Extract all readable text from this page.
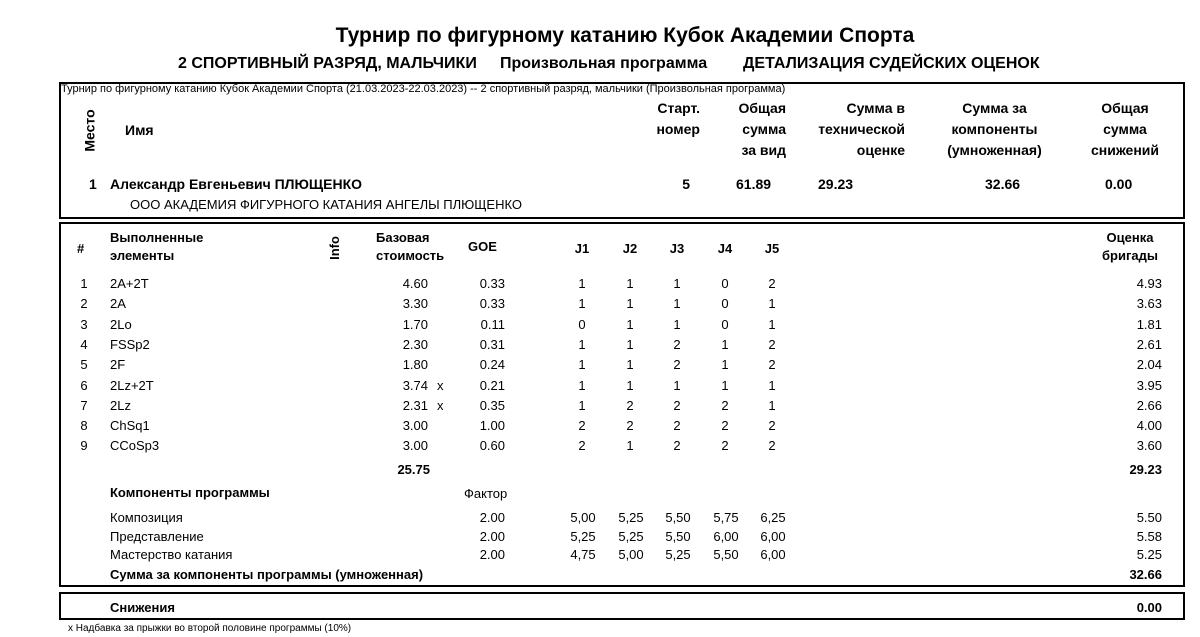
Турнир по фигурному катанию Кубок Академии Спорта
2 СПОРТИВНЫЙ РАЗРЯД, МАЛЬЧИКИ Произвольная программа ДЕТАЛИЗАЦИЯ СУДЕЙСКИХ ОЦЕНОК
Турнир по фигурному катанию Кубок Академии Спорта (21.03.2023-22.03.2023) -- 2 спортивный разряд, мальчики (Произвольная программа)
Место Имя
Старт.
номер
Общая
сумма
за вид
Сумма в
технической
оценке
Сумма за
компоненты
(умноженная)
Общая
сумма
снижений
1 Александр Евгеньевич ПЛЮЩЕНКО
ООО АКАДЕМИЯ ФИГУРНОГО КАТАНИЯ АНГЕЛЫ ПЛЮЩЕНКО
5	61.89	29.23	32.66	0.00
#
Выполненные
элементы	Info	Базовая
стоимость
GOE	J1	J2	J3	J4	J5
Оценка
бригады
1 2A+2T	4.60	0.33	1	1	1	0	2	4.93
2 2A	3.30	0.33	1	1	1	0	1	3.63
3 2Lo	1.70	0.11	0	1	1	0	1	1.81
4 FSSp2	2.30	0.31	1	1	2	1	2	2.61
5 2F	1.80	0.24	1	1	2	1	2	2.04
6 2Lz+2T	3.74 x	0.21	1	1	1	1	1	3.95
7 2Lz	2.31 x	0.35	1	2	2	2	1	2.66
8 ChSq1	3.00	1.00	2	2	2	2	2	4.00
9 CCoSp3	3.00	0.60	2	1	2	2	2	3.60
25.75	29.23
Компоненты программы	Фактор
Композиция	2.00	5,00	5,25	5,50	5,75	6,25	5.50
Представление	2.00	5,25	5,25	5,50	6,00	6,00	5.58
Мастерство катания	2.00	4,75	5,00	5,25	5,50	6,00	5.25
Сумма за компоненты программы (умноженная)	32.66
Снижения	0.00
x Надбавка за прыжки во второй половине программы (10%)
